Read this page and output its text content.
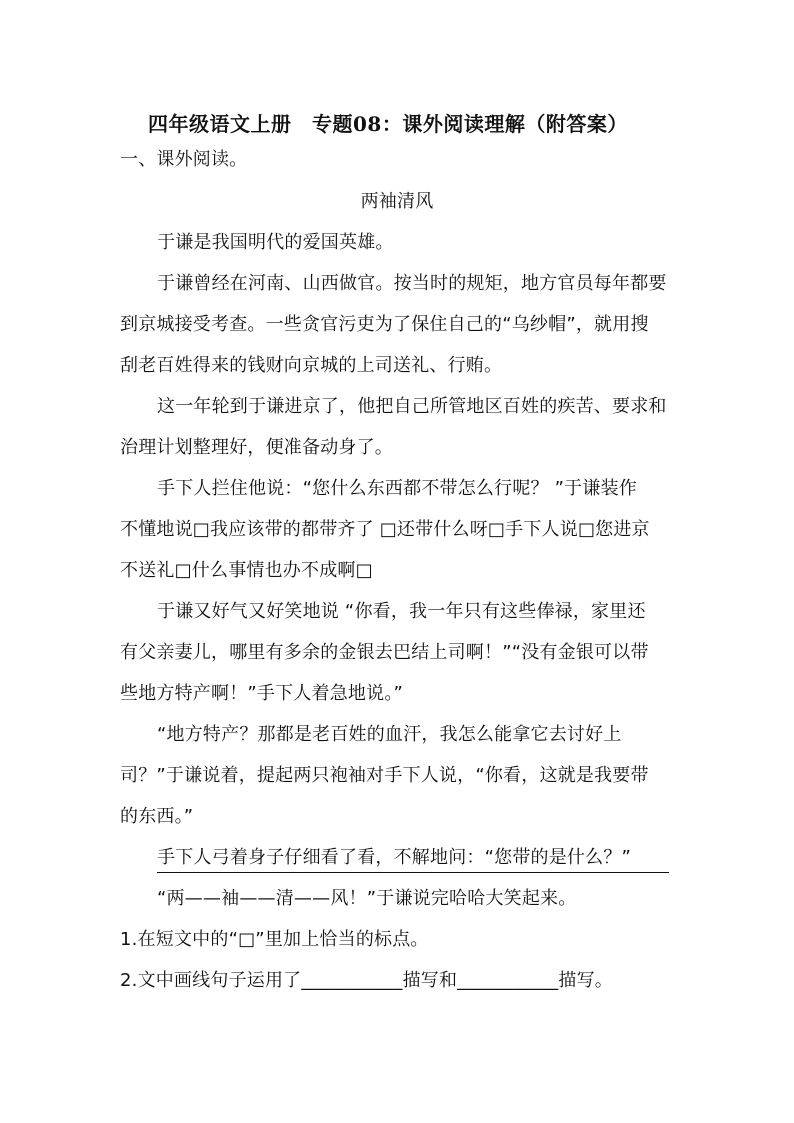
四年级语文上册　专题08：课外阅读理解（附答案）
一、课外阅读。
两袖清风
于谦是我国明代的爱国英雄。
于谦曾经在河南、山西做官。按当时的规矩，地方官员每年都要
到京城接受考查。一些贪官污吏为了保住自己的“乌纱帽”，就用搜
刮老百姓得来的钱财向京城的上司送礼、行贿。
这一年轮到于谦进京了，他把自己所管地区百姓的疾苦、要求和
治理计划整理好，便准备动身了。
手下人拦住他说：“您什么东西都不带怎么行呢？ ”于谦装作
不懂地说□我应该带的都带齐了 □还带什么呀□手下人说□您进京
不送礼□什么事情也办不成啊□
于谦又好气又好笑地说 “你看，我一年只有这些俸禄，家里还
有父亲妻儿，哪里有多余的金银去巴结上司啊！”“没有金银可以带
些地方特产啊！”手下人着急地说。”
“地方特产？那都是老百姓的血汗，我怎么能拿它去讨好上
司？”于谦说着，提起两只袍袖对手下人说，“你看，这就是我要带
的东西。”
手下人弓着身子仔细看了看，不解地问：“您带的是什么？”
“两——袖——清——风！”于谦说完哈哈大笑起来。
1.在短文中的“□”里加上恰当的标点。
2.文中画线句子运用了___________描写和___________描写。
